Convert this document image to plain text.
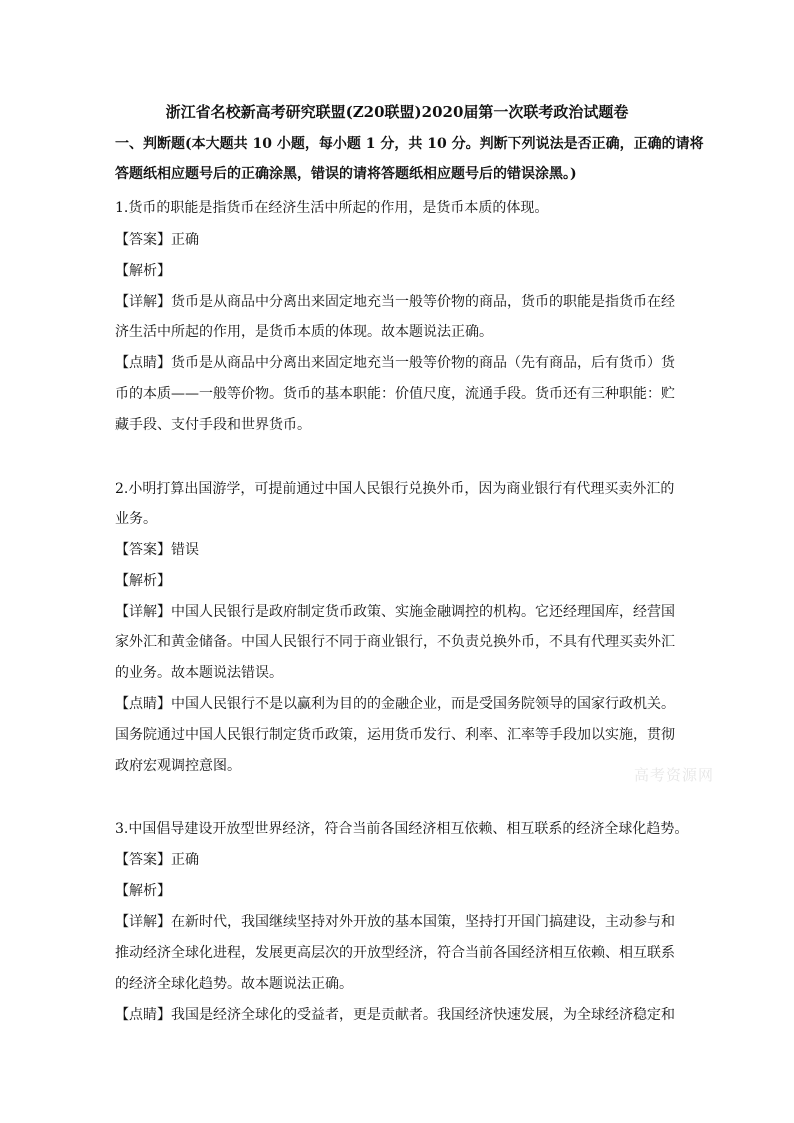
浙江省名校新高考研究联盟(Z20联盟)2020届第一次联考政治试题卷
一、判断题(本大题共 10 小题，每小题 1 分，共 10 分。判断下列说法是否正确，正确的请将
答题纸相应题号后的正确涂黑，错误的请将答题纸相应题号后的错误涂黑。)
1.货币的职能是指货币在经济生活中所起的作用，是货币本质的体现。
【答案】正确
【解析】
【详解】货币是从商品中分离出来固定地充当一般等价物的商品，货币的职能是指货币在经
济生活中所起的作用，是货币本质的体现。故本题说法正确。
【点睛】货币是从商品中分离出来固定地充当一般等价物的商品（先有商品，后有货币）货
币的本质——一般等价物。货币的基本职能：价值尺度，流通手段。货币还有三种职能：贮
藏手段、支付手段和世界货币。
2.小明打算出国游学，可提前通过中国人民银行兑换外币，因为商业银行有代理买卖外汇的
业务。
【答案】错误
【解析】
【详解】中国人民银行是政府制定货币政策、实施金融调控的机构。它还经理国库，经营国
家外汇和黄金储备。中国人民银行不同于商业银行，不负责兑换外币，不具有代理买卖外汇
的业务。故本题说法错误。
【点睛】中国人民银行不是以赢利为目的的金融企业，而是受国务院领导的国家行政机关。
国务院通过中国人民银行制定货币政策，运用货币发行、利率、汇率等手段加以实施，贯彻
政府宏观调控意图。	高考资源网
3.中国倡导建设开放型世界经济，符合当前各国经济相互依赖、相互联系的经济全球化趋势。
【答案】正确
【解析】
【详解】在新时代，我国继续坚持对外开放的基本国策，坚持打开国门搞建设，主动参与和
推动经济全球化进程，发展更高层次的开放型经济，符合当前各国经济相互依赖、相互联系
的经济全球化趋势。故本题说法正确。
【点睛】我国是经济全球化的受益者，更是贡献者。我国经济快速发展，为全球经济稳定和
